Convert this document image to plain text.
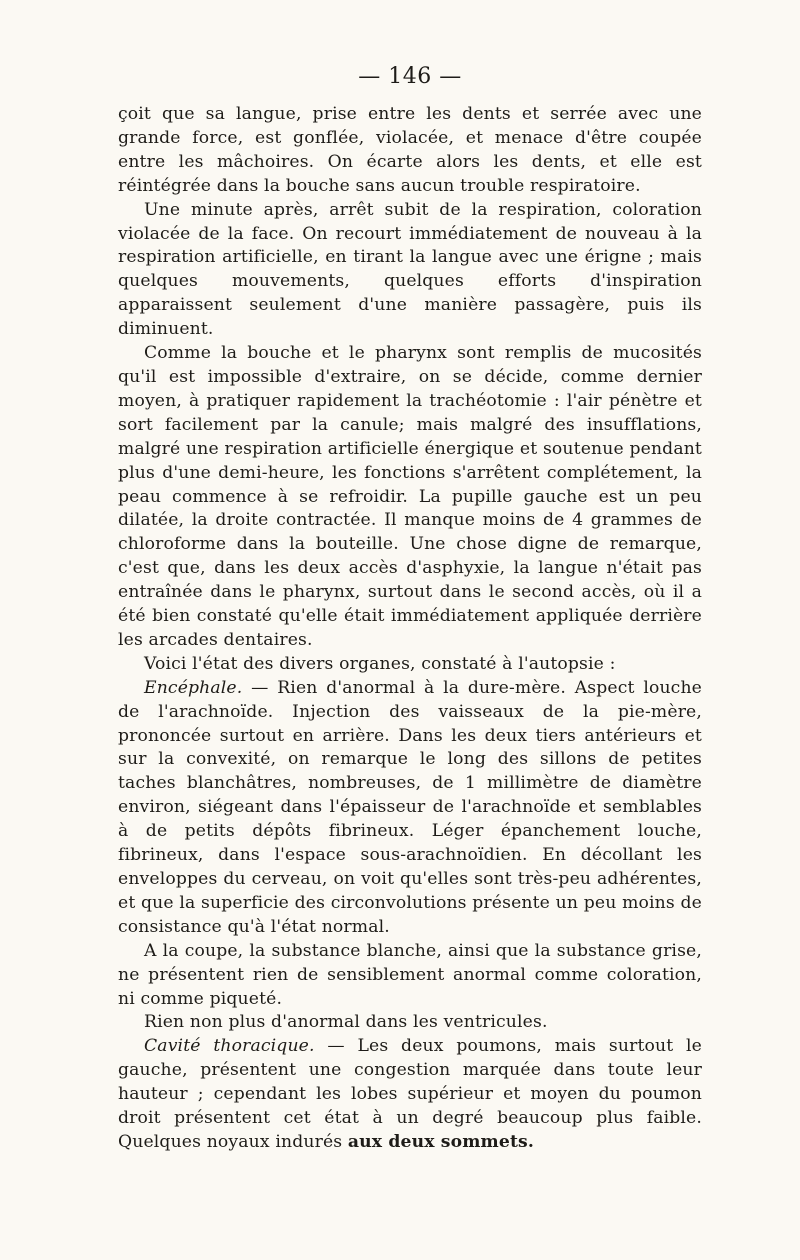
— 146 —

çoit que sa langue, prise entre les dents et serrée avec une grande force, est gonflée, violacée, et menace d'être coupée entre les mâchoires. On écarte alors les dents, et elle est réintégrée dans la bouche sans aucun trouble respiratoire.

Une minute après, arrêt subit de la respiration, coloration violacée de la face. On recourt immédiatement de nouveau à la respiration artificielle, en tirant la langue avec une érigne ; mais quelques mouvements, quelques efforts d'inspiration apparaissent seulement d'une manière passagère, puis ils diminuent.

Comme la bouche et le pharynx sont remplis de mucosités qu'il est impossible d'extraire, on se décide, comme dernier moyen, à pratiquer rapidement la trachéotomie : l'air pénètre et sort facilement par la canule; mais malgré des insufflations, malgré une respiration artificielle énergique et soutenue pendant plus d'une demi-heure, les fonctions s'arrêtent complétement, la peau commence à se refroidir. La pupille gauche est un peu dilatée, la droite contractée. Il manque moins de 4 grammes de chloroforme dans la bouteille. Une chose digne de remarque, c'est que, dans les deux accès d'asphyxie, la langue n'était pas entraînée dans le pharynx, surtout dans le second accès, où il a été bien constaté qu'elle était immédiatement appliquée derrière les arcades dentaires.

Voici l'état des divers organes, constaté à l'autopsie :

Encéphale. — Rien d'anormal à la dure-mère. Aspect louche de l'arachnoïde. Injection des vaisseaux de la pie-mère, prononcée surtout en arrière. Dans les deux tiers antérieurs et sur la convexité, on remarque le long des sillons de petites taches blanchâtres, nombreuses, de 1 millimètre de diamètre environ, siégeant dans l'épaisseur de l'arachnoïde et semblables à de petits dépôts fibrineux. Léger épanchement louche, fibrineux, dans l'espace sous-arachnoïdien. En décollant les enveloppes du cerveau, on voit qu'elles sont très-peu adhérentes, et que la superficie des circonvolutions présente un peu moins de consistance qu'à l'état normal.

A la coupe, la substance blanche, ainsi que la substance grise, ne présentent rien de sensiblement anormal comme coloration, ni comme piqueté.

Rien non plus d'anormal dans les ventricules.

Cavité thoracique. — Les deux poumons, mais surtout le gauche, présentent une congestion marquée dans toute leur hauteur ; cependant les lobes supérieur et moyen du poumon droit présentent cet état à un degré beaucoup plus faible. Quelques noyaux indurés aux deux sommets.
